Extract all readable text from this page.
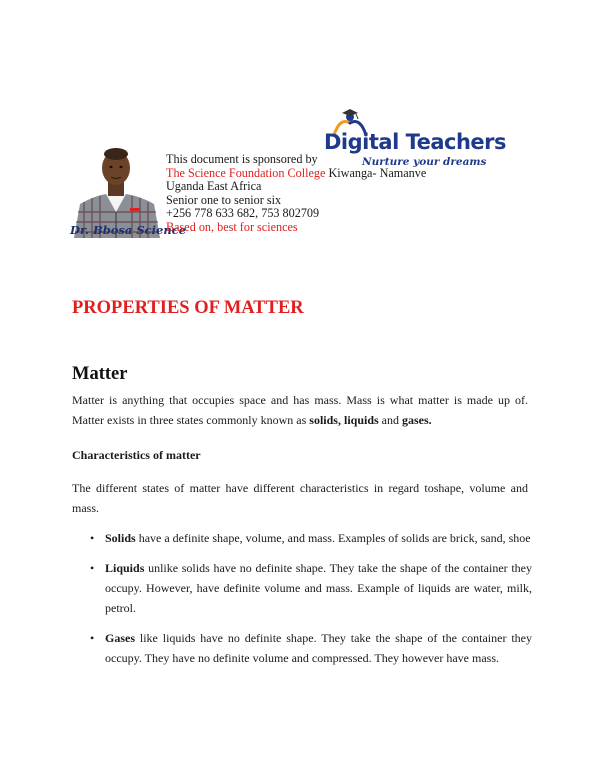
Dr. Bbosa Science
This document is sponsored by
The Science Foundation College Kiwanga- Namanve
Uganda East Africa
Senior one to senior six
+256 778 633 682, 753 802709
Based on, best for sciences
Digital Teachers
Nurture your dreams
PROPERTIES OF MATTER
Matter
Matter is anything that occupies space and has mass. Mass is what matter is made up of. Matter exists in three states commonly known as solids, liquids and gases.
Characteristics of matter
The different states of matter have different characteristics in regard toshape, volume and mass.
• Solids have a definite shape, volume, and mass. Examples of solids are brick, sand, shoe
• Liquids unlike solids have no definite shape. They take the shape of the container they occupy. However, have definite volume and mass. Example of liquids are water, milk, petrol.
• Gases like liquids have no definite shape. They take the shape of the container they occupy. They have no definite volume and compressed. They however have mass.
